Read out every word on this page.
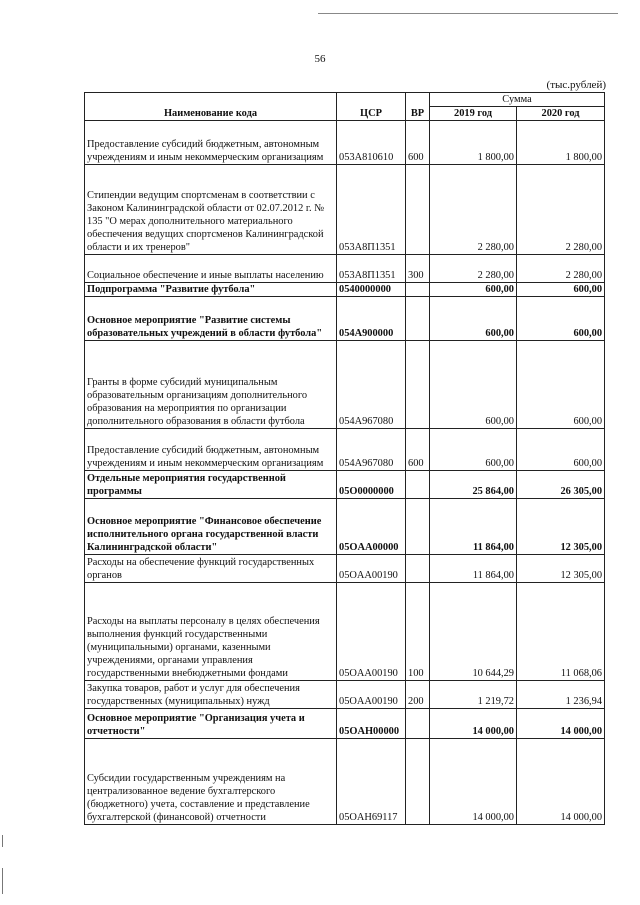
56
(тыс.рублей)
Наименование кода	ЦСР	ВР	Сумма	
			2019 год	2020 год
Предоставление субсидий бюджетным, автономным учреждениям и иным некоммерческим организациям	053A810610	600	1 800,00	1 800,00
Стипендии ведущим спортсменам в соответствии с Законом Калининградской области от 02.07.2012 г. № 135 "О мерах дополнительного материального обеспечения ведущих спортсменов Калининградской области и их тренеров"	053A8П1351		2 280,00	2 280,00
Социальное обеспечение и иные выплаты населению	053A8П1351	300	2 280,00	2 280,00
Подпрограмма "Развитие футбола"	0540000000		600,00	600,00
Основное мероприятие "Развитие системы образовательных учреждений в области футбола"	054A900000		600,00	600,00
Гранты в форме субсидий муниципальным образовательным организациям дополнительного образования на мероприятия по организации дополнительного образования в области футбола	054A967080		600,00	600,00
Предоставление субсидий бюджетным, автономным учреждениям и иным некоммерческим организациям	054A967080	600	600,00	600,00
Отдельные мероприятия государственной программы	05O0000000		25 864,00	26 305,00
Основное мероприятие "Финансовое обеспечение исполнительного органа государственной власти Калининградской области"	05OAA00000		11 864,00	12 305,00
Расходы на обеспечение функций государственных органов	05OAA00190		11 864,00	12 305,00
Расходы на выплаты персоналу в целях обеспечения выполнения функций государственными (муниципальными) органами, казенными учреждениями, органами управления государственными внебюджетными фондами	05OAA00190	100	10 644,29	11 068,06
Закупка товаров, работ и услуг для обеспечения государственных (муниципальных) нужд	05OAA00190	200	1 219,72	1 236,94
Основное мероприятие "Организация учета и отчетности"	05OAH00000		14 000,00	14 000,00
Субсидии государственным учреждениям на централизованное ведение бухгалтерского (бюджетного) учета, составление и представление бухгалтерской (финансовой) отчетности	05OAH69117		14 000,00	14 000,00
